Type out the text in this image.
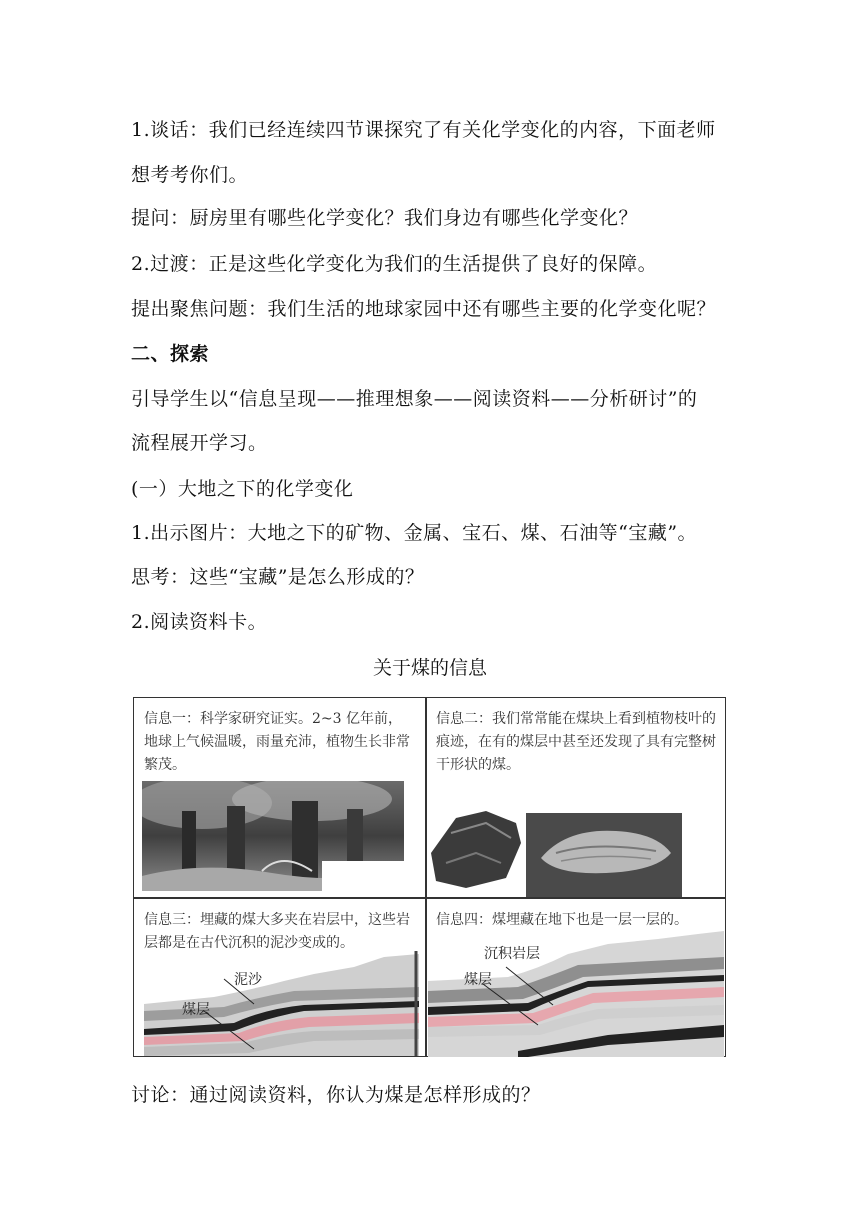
1.谈话：我们已经连续四节课探究了有关化学变化的内容，下面老师
想考考你们。
提问：厨房里有哪些化学变化？我们身边有哪些化学变化？
2.过渡：正是这些化学变化为我们的生活提供了良好的保障。
提出聚焦问题：我们生活的地球家园中还有哪些主要的化学变化呢？
二、探索
引导学生以“信息呈现——推理想象——阅读资料——分析研讨”的
流程展开学习。
(一）大地之下的化学变化
1.出示图片：大地之下的矿物、金属、宝石、煤、石油等“宝藏”。
思考：这些“宝藏”是怎么形成的？
2.阅读资料卡。
关于煤的信息
信息一：科学家研究证实。2~3 亿年前，地球上气候温暖，雨量充沛，植物生长非常繁茂。
信息二：我们常常能在煤块上看到植物枝叶的痕迹，在有的煤层中甚至还发现了具有完整树干形状的煤。
信息三：埋藏的煤大多夹在岩层中，这些岩层都是在古代沉积的泥沙变成的。
泥沙
煤层
信息四：煤埋藏在地下也是一层一层的。
沉积岩层
煤层
讨论：通过阅读资料，你认为煤是怎样形成的？
